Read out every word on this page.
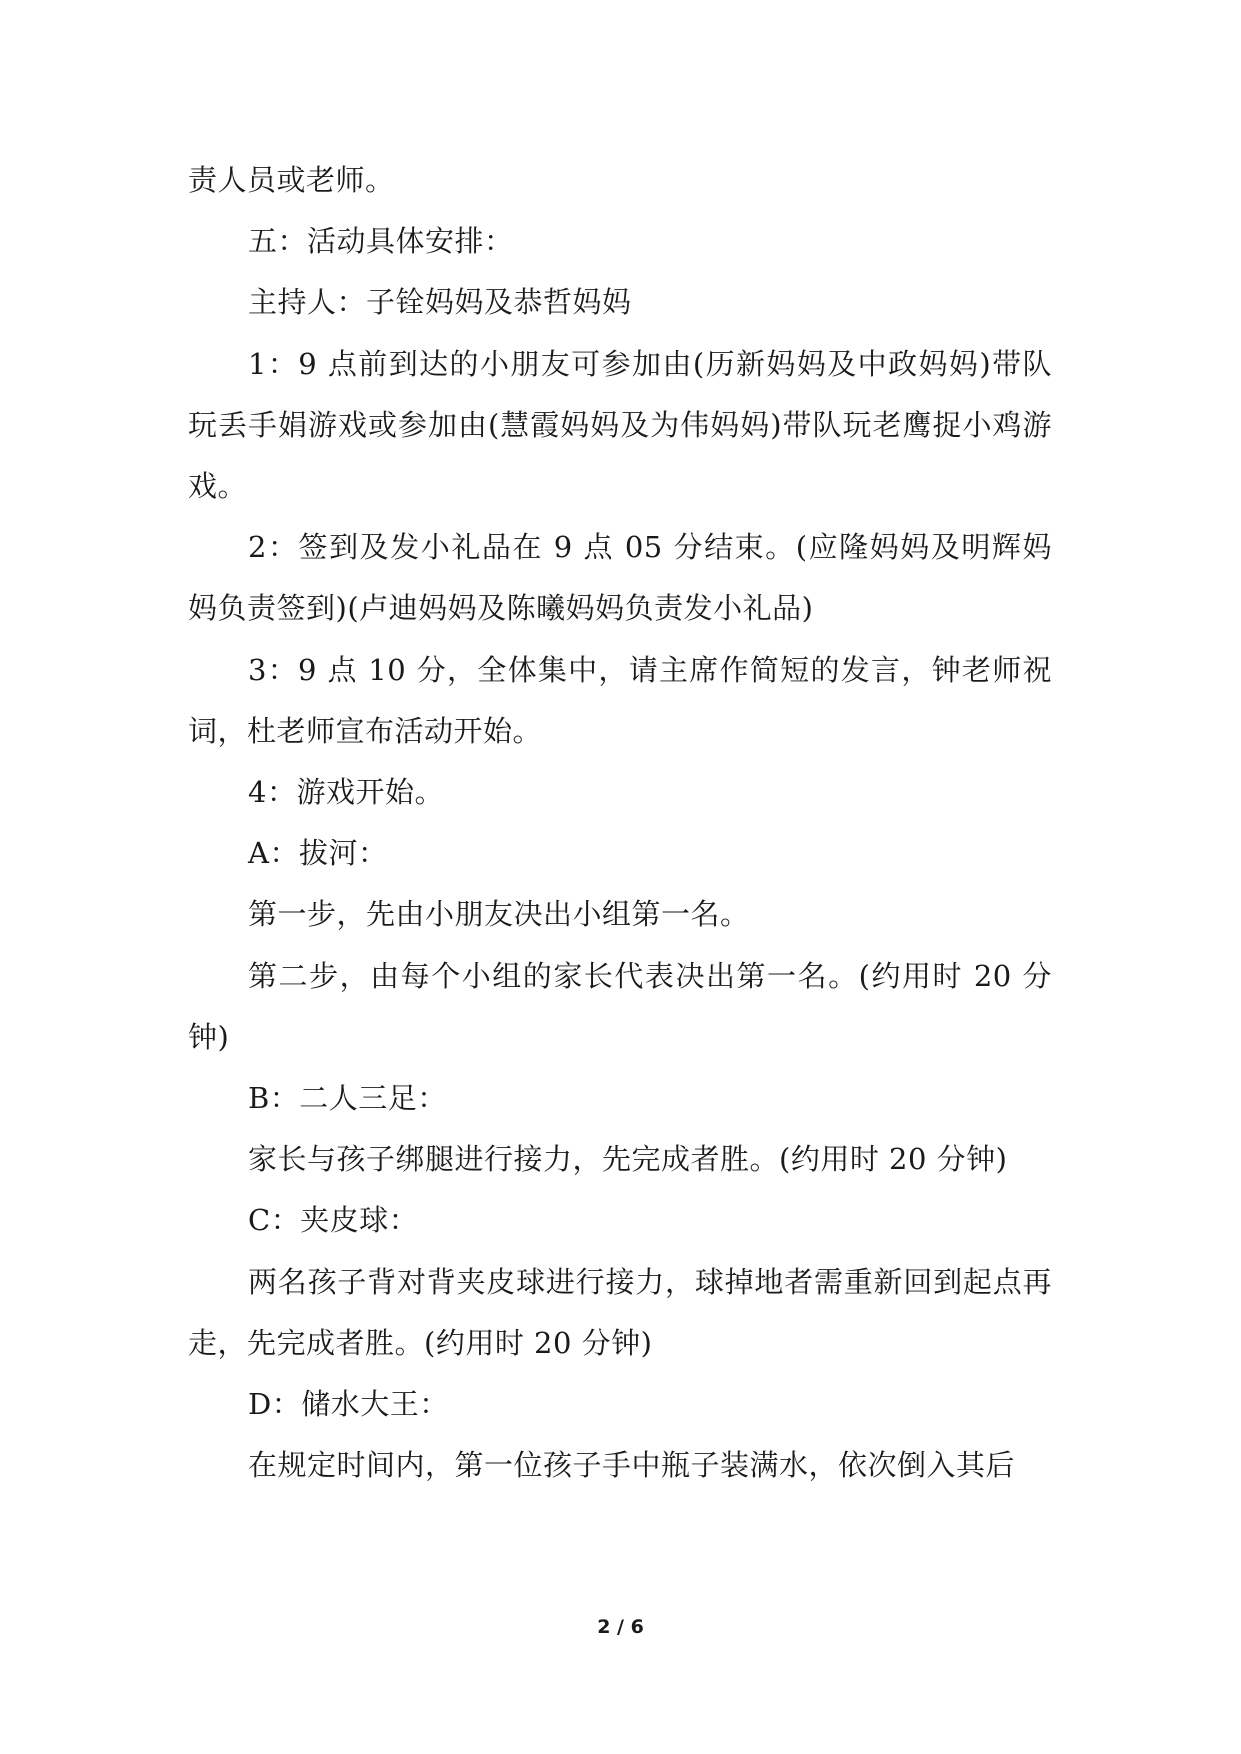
责人员或老师。

五：活动具体安排：

主持人：子铨妈妈及恭哲妈妈

1：9 点前到达的小朋友可参加由(历新妈妈及中政妈妈)带队玩丢手娟游戏或参加由(慧霞妈妈及为伟妈妈)带队玩老鹰捉小鸡游戏。

2：签到及发小礼品在 9 点 05 分结束。(应隆妈妈及明辉妈妈负责签到)(卢迪妈妈及陈曦妈妈负责发小礼品)

3：9 点 10 分，全体集中，请主席作简短的发言，钟老师祝词，杜老师宣布活动开始。

4：游戏开始。

A：拔河：

第一步，先由小朋友决出小组第一名。

第二步，由每个小组的家长代表决出第一名。(约用时 20 分钟)

B：二人三足：

家长与孩子绑腿进行接力，先完成者胜。(约用时 20 分钟)

C：夹皮球：

两名孩子背对背夹皮球进行接力，球掉地者需重新回到起点再走，先完成者胜。(约用时 20 分钟)

D：储水大王：

在规定时间内，第一位孩子手中瓶子装满水，依次倒入其后

2 / 6
